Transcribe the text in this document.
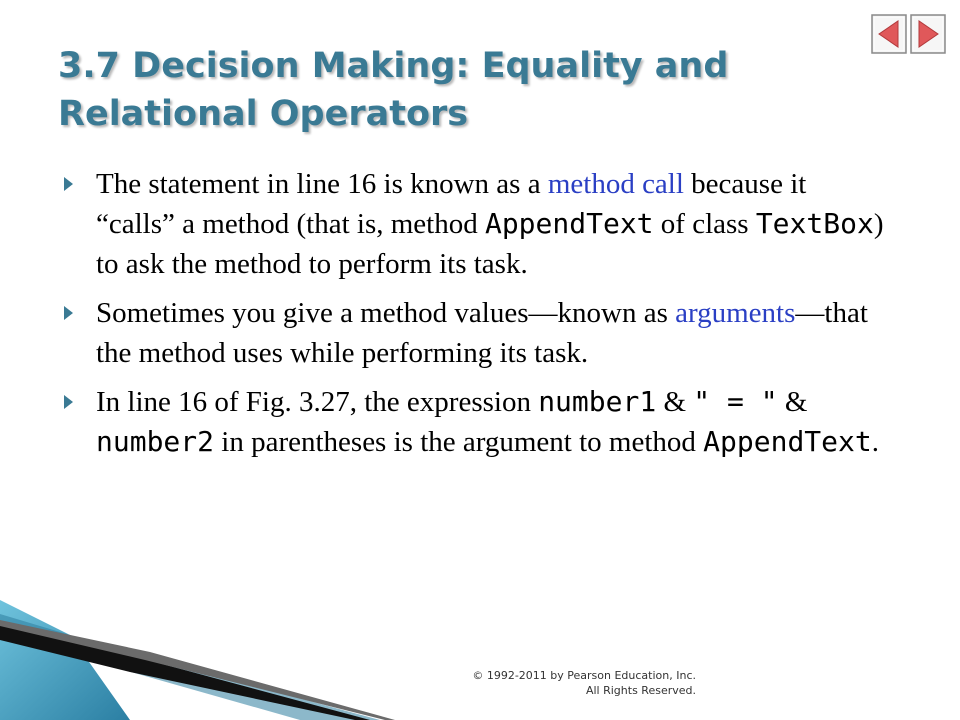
3.7 Decision Making: Equality and
Relational Operators
The statement in line 16 is known as a method call because it “calls” a method (that is, method AppendText of class TextBox) to ask the method to perform its task.
Sometimes you give a method values—known as arguments—that the method uses while performing its task.
In line 16 of Fig. 3.27, the expression number1 & " = " & number2 in parentheses is the argument to method AppendText.
© 1992-2011 by Pearson Education, Inc.
All Rights Reserved.
